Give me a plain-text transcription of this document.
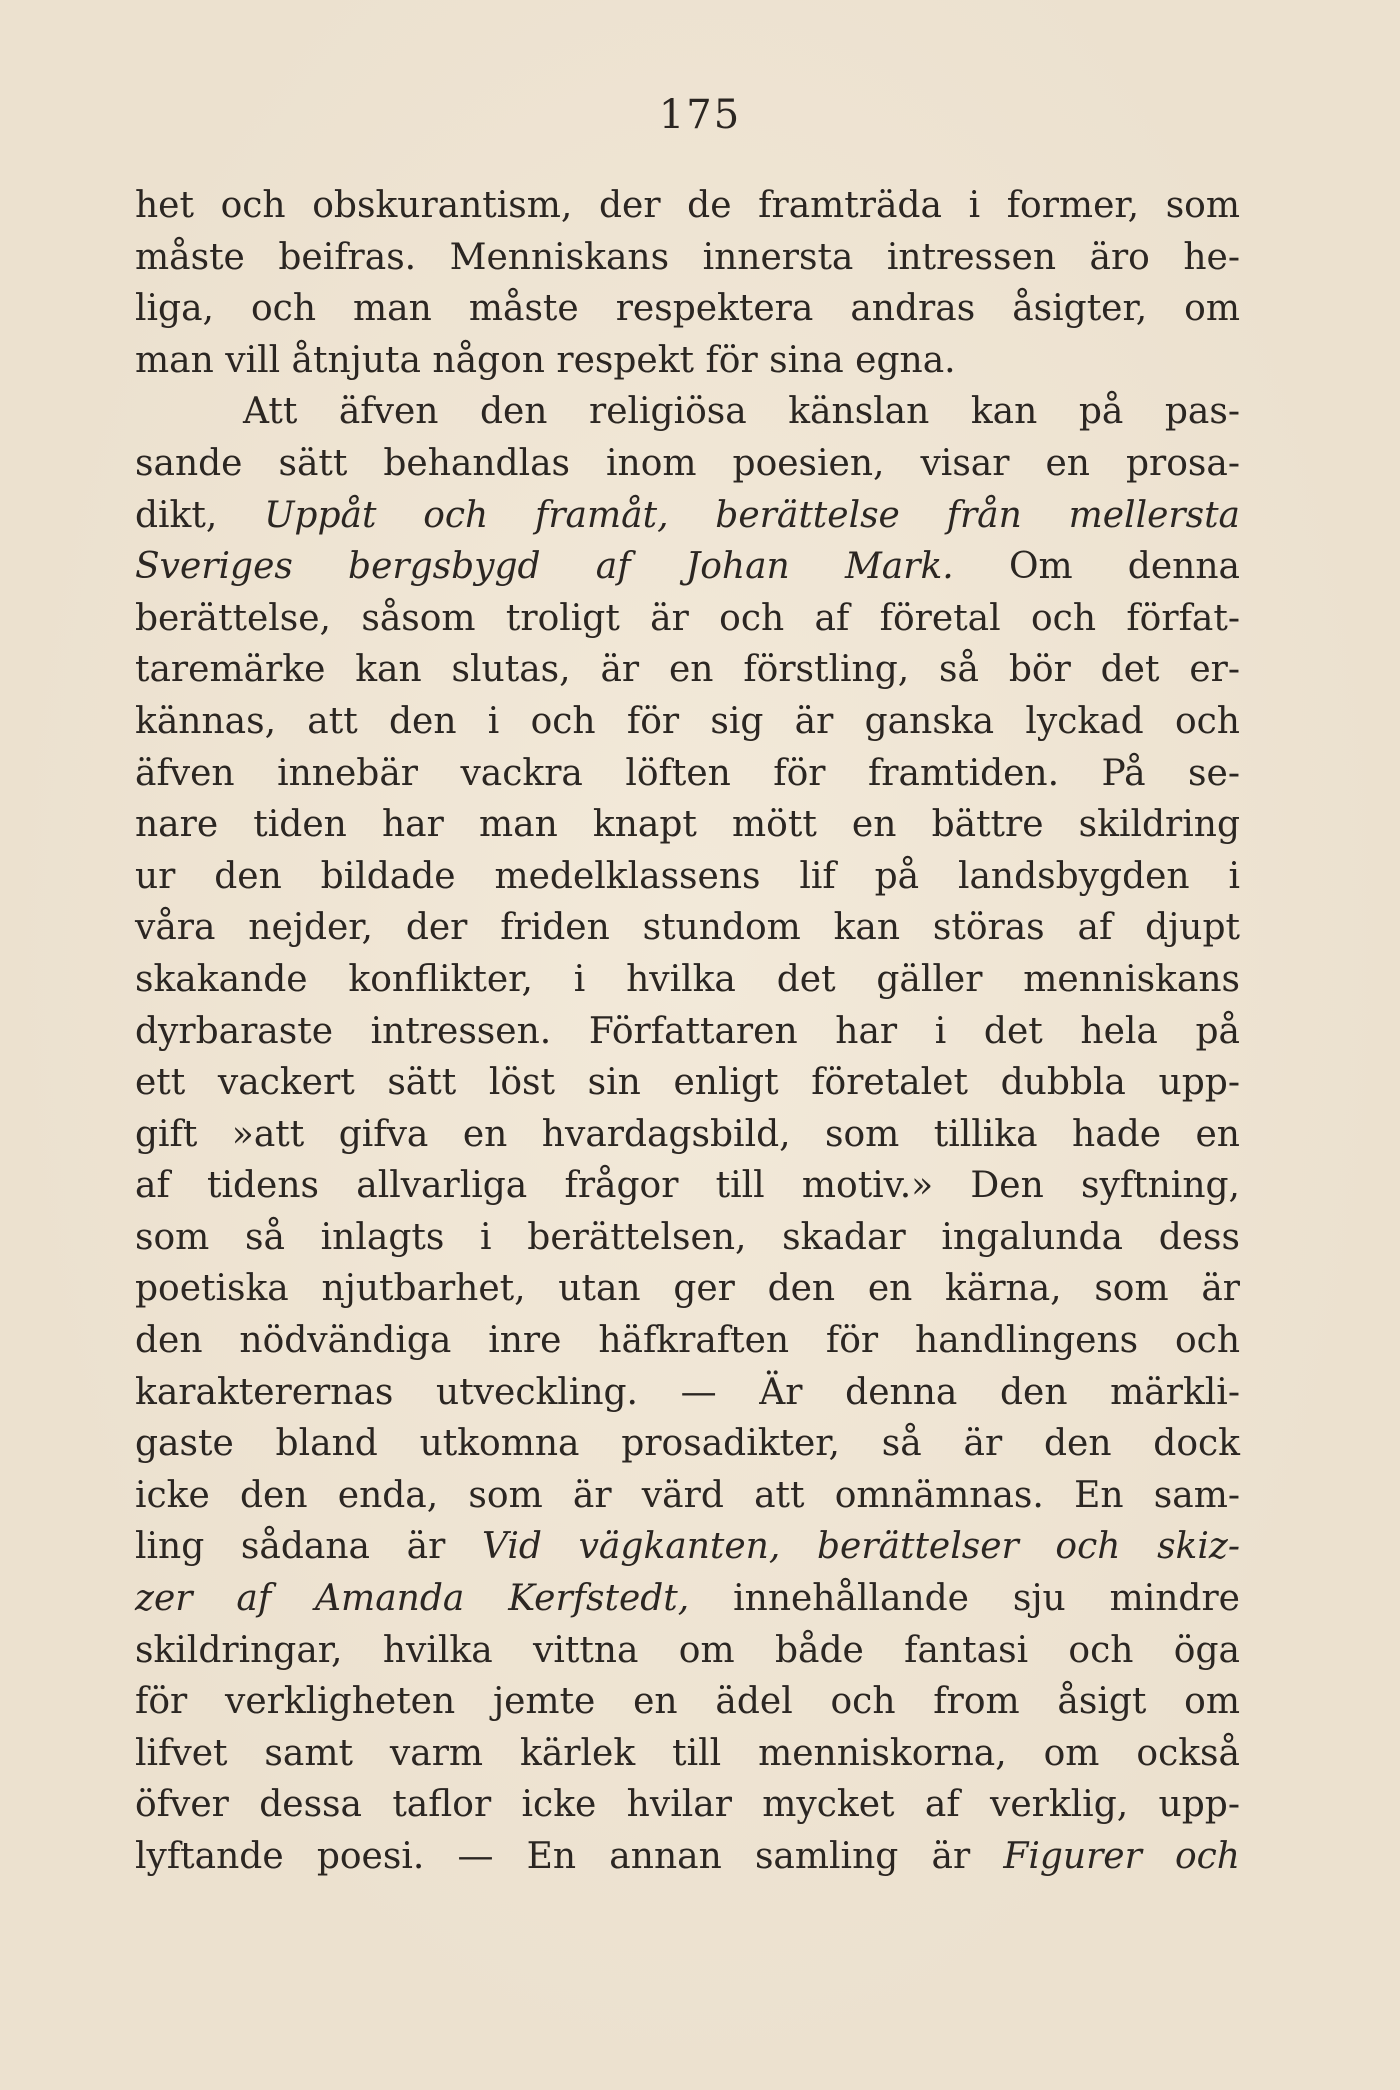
175
het och obskurantism, der de framträda i former, som
måste beifras. Menniskans innersta intressen äro he-
liga, och man måste respektera andras åsigter, om
man vill åtnjuta någon respekt för sina egna.
Att äfven den religiösa känslan kan på pas-
sande sätt behandlas inom poesien, visar en prosa-
dikt, Uppåt och framåt, berättelse från mellersta
Sveriges bergsbygd af Johan Mark. Om denna
berättelse, såsom troligt är och af företal och förfat-
taremärke kan slutas, är en förstling, så bör det er-
kännas, att den i och för sig är ganska lyckad och
äfven innebär vackra löften för framtiden. På se-
nare tiden har man knapt mött en bättre skildring
ur den bildade medelklassens lif på landsbygden i
våra nejder, der friden stundom kan störas af djupt
skakande konflikter, i hvilka det gäller menniskans
dyrbaraste intressen. Författaren har i det hela på
ett vackert sätt löst sin enligt företalet dubbla upp-
gift »att gifva en hvardagsbild, som tillika hade en
af tidens allvarliga frågor till motiv.» Den syftning,
som så inlagts i berättelsen, skadar ingalunda dess
poetiska njutbarhet, utan ger den en kärna, som är
den nödvändiga inre häfkraften för handlingens och
karakterernas utveckling. — Är denna den märkli-
gaste bland utkomna prosadikter, så är den dock
icke den enda, som är värd att omnämnas. En sam-
ling sådana är Vid vägkanten, berättelser och skiz-
zer af Amanda Kerfstedt, innehållande sju mindre
skildringar, hvilka vittna om både fantasi och öga
för verkligheten jemte en ädel och from åsigt om
lifvet samt varm kärlek till menniskorna, om också
öfver dessa taflor icke hvilar mycket af verklig, upp-
lyftande poesi. — En annan samling är Figurer och
